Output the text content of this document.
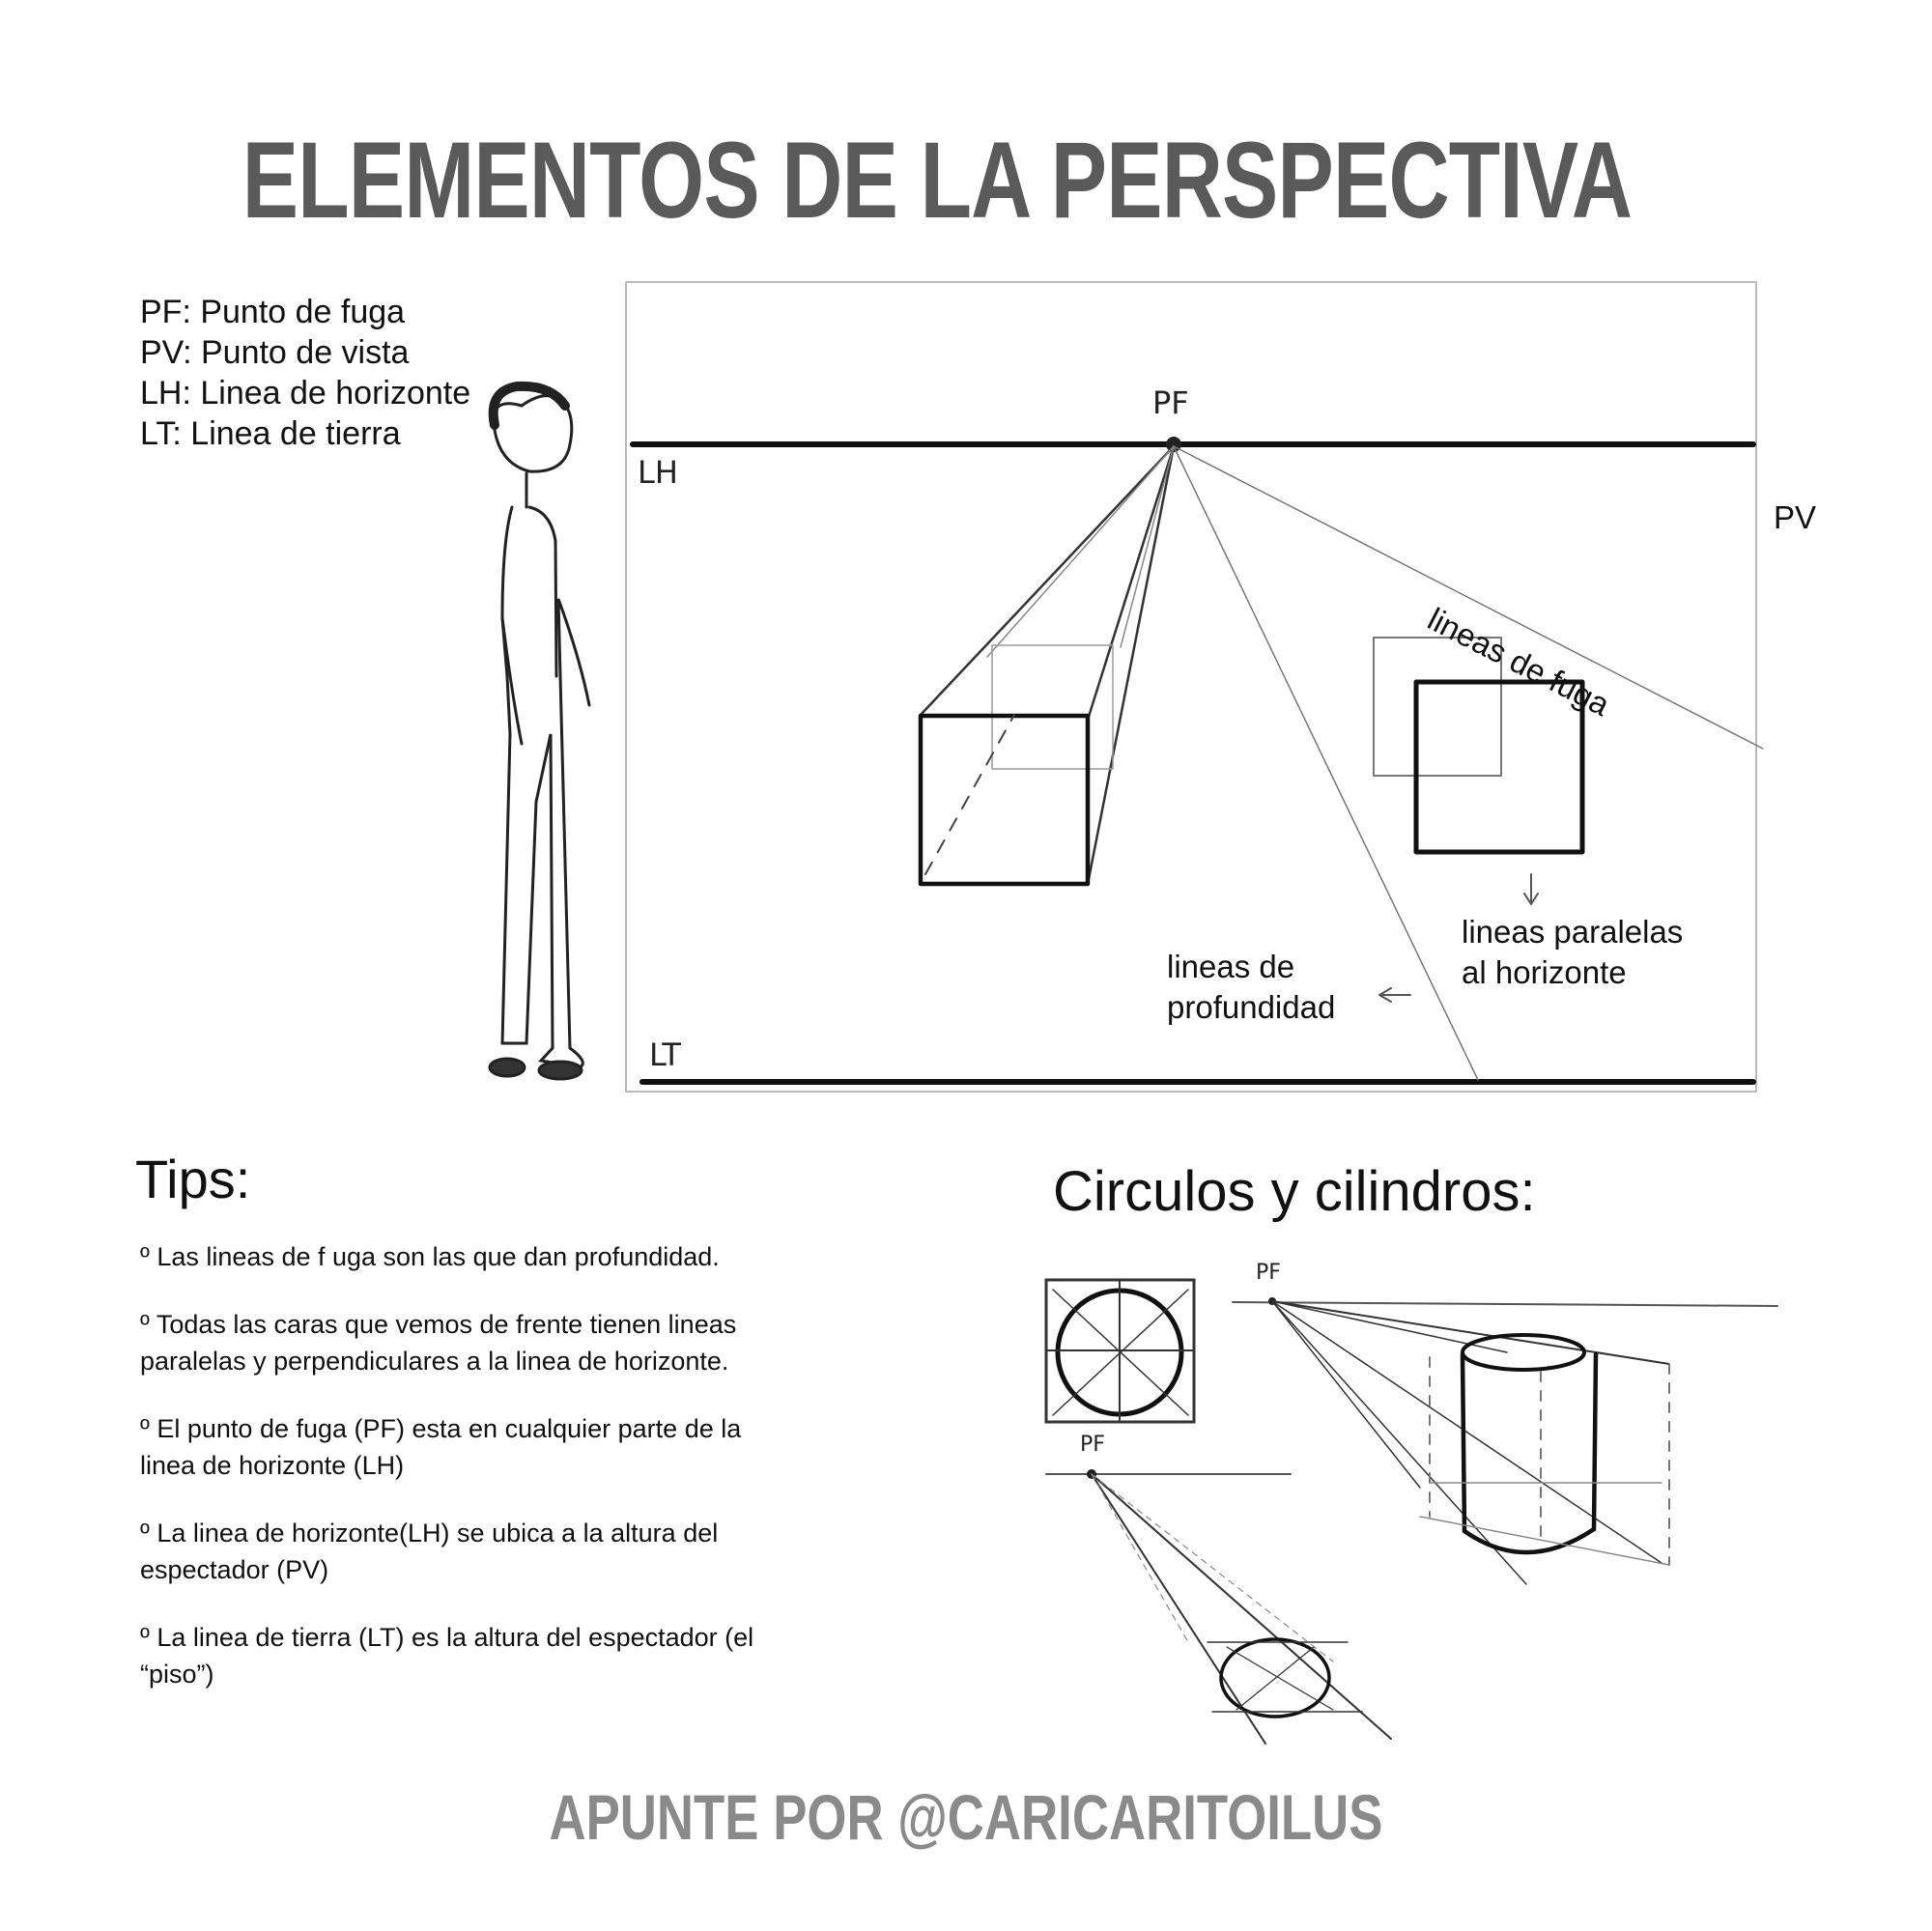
ELEMENTOS DE LA PERSPECTIVA
PF: Punto de fuga
PV: Punto de vista
LH: Linea de horizonte
LT: Linea de tierra
PF
LH
LT
PV
lineas de fuga
lineas paralelas
al horizonte
lineas de
profundidad
Tips:

º Las lineas de f uga son las que dan profundidad.

º Todas las caras que vemos de frente tienen lineas paralelas y perpendiculares a la linea de horizonte.

º El punto de fuga (PF) esta en cualquier parte de la linea de horizonte (LH)

º La linea de horizonte(LH) se ubica a la altura del espectador (PV)

º La linea de tierra (LT) es la altura del espectador (el “piso”)

Circulos y cilindros:
PF
PF
APUNTE POR @CARICARITOILUS
